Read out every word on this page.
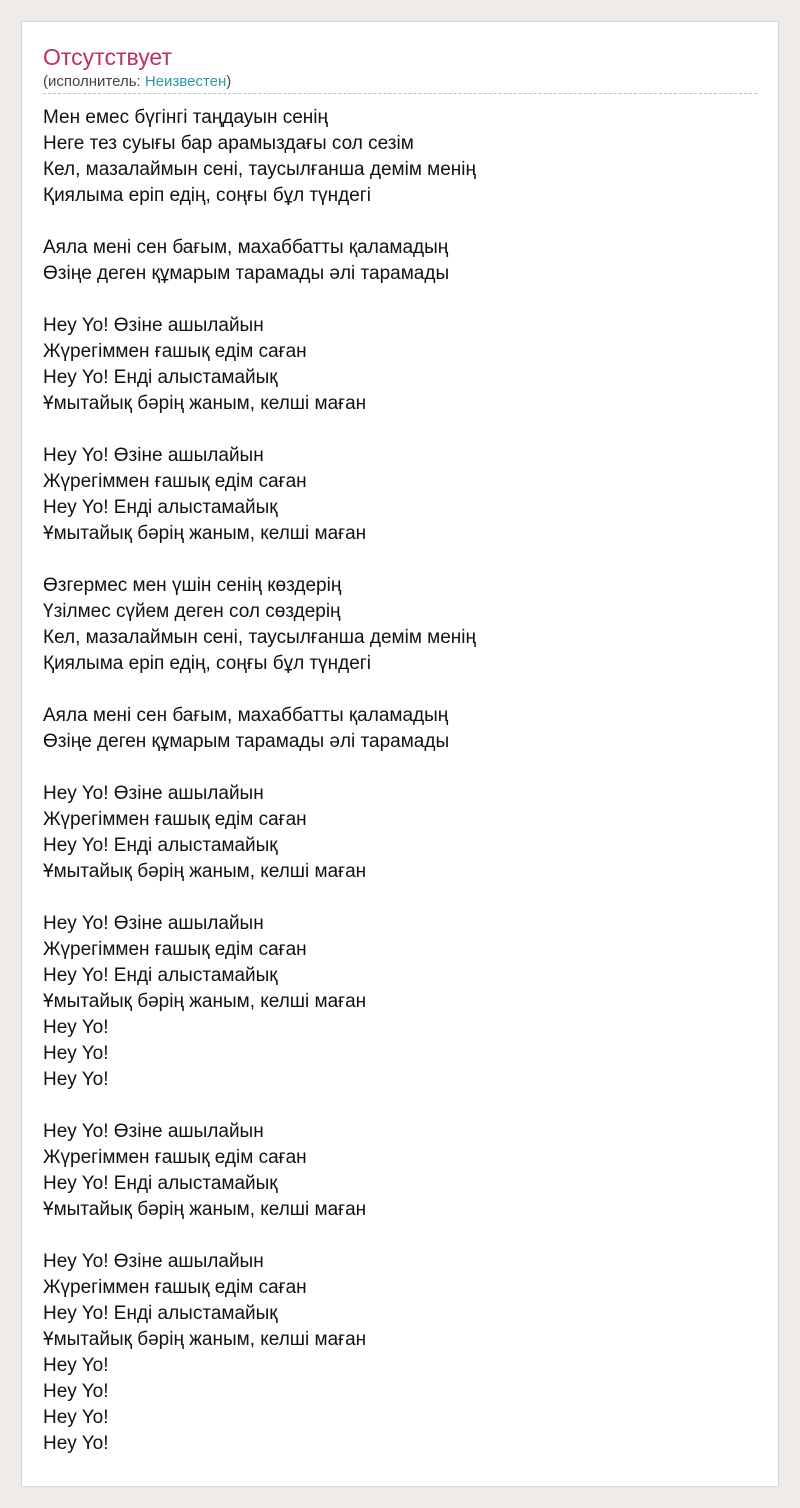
Отсутствует
(исполнитель: Неизвестен)
Мен емес бүгінгі таңдауын сенің
Неге тез суығы бар арамыздағы сол сезім
Кел, мазалаймын сені, таусылғанша демім менің
Қиялыма еріп едің, соңғы бұл түндегі
Аяла мені сен бағым, махаббатты қаламадың
Өзіңе деген құмарым тарамады әлі тарамады
Hey Yo! Өзіне ашылайын
Жүрегіммен ғашық едім саған
Hey Yo! Енді алыстамайық
Ұмытайық бәрің жаным, келші маған
Hey Yo! Өзіне ашылайын
Жүрегіммен ғашық едім саған
Hey Yo! Енді алыстамайық
Ұмытайық бәрің жаным, келші маған
Өзгермес мен үшін сенің көздерің
Үзілмес сүйем деген сол сөздерің
Кел, мазалаймын сені, таусылғанша демім менің
Қиялыма еріп едің, соңғы бұл түндегі
Аяла мені сен бағым, махаббатты қаламадың
Өзіңе деген құмарым тарамады әлі тарамады
Hey Yo! Өзіне ашылайын
Жүрегіммен ғашық едім саған
Hey Yo! Енді алыстамайық
Ұмытайық бәрің жаным, келші маған
Hey Yo! Өзіне ашылайын
Жүрегіммен ғашық едім саған
Hey Yo! Енді алыстамайық
Ұмытайық бәрің жаным, келші маған
Hey Yo!
Hey Yo!
Hey Yo!
Hey Yo! Өзіне ашылайын
Жүрегіммен ғашық едім саған
Hey Yo! Енді алыстамайық
Ұмытайық бәрің жаным, келші маған
Hey Yo! Өзіне ашылайын
Жүрегіммен ғашық едім саған
Hey Yo! Енді алыстамайық
Ұмытайық бәрің жаным, келші маған
Hey Yo!
Hey Yo!
Hey Yo!
Hey Yo!
